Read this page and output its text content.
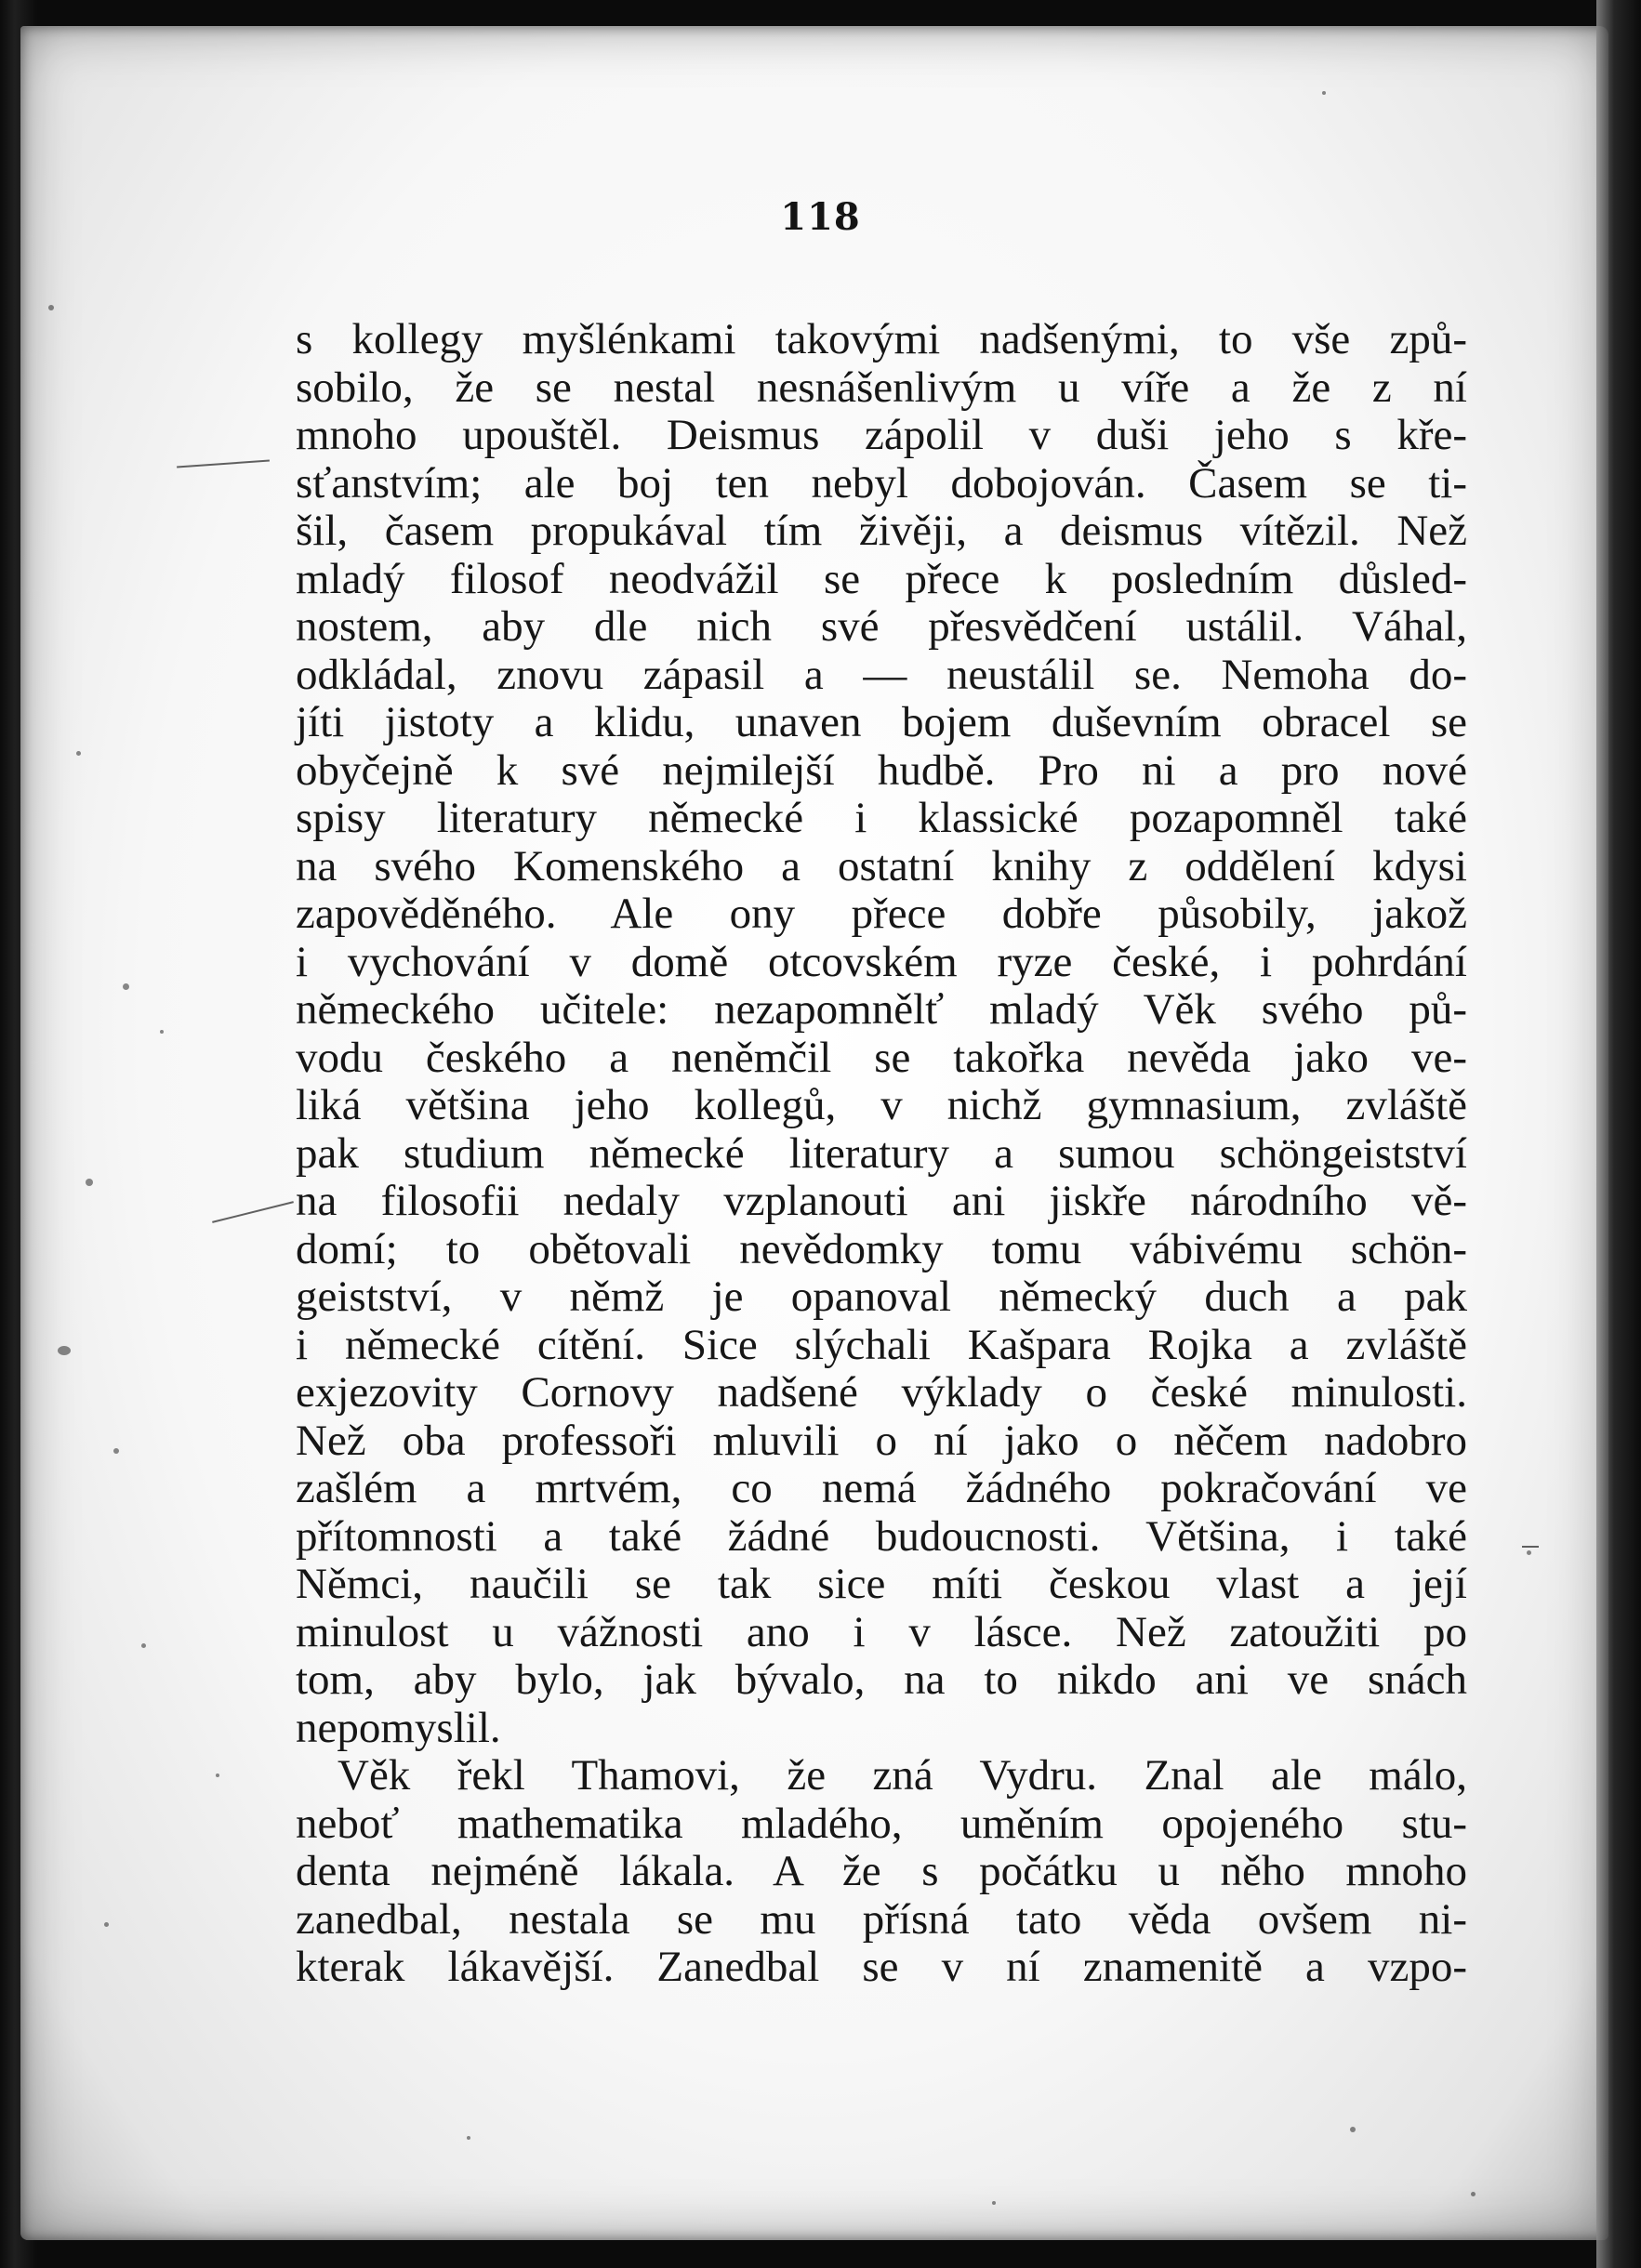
118
s kollegy myšlénkami takovými nadšenými, to vše způ-
sobilo, že se nestal nesnášenlivým u víře a že z ní
mnoho upouštěl. Deismus zápolil v duši jeho s kře-
sťanstvím; ale boj ten nebyl dobojován. Časem se ti-
šil, časem propukával tím živěji, a deismus vítězil. Než
mladý filosof neodvážil se přece k posledním důsled-
nostem, aby dle nich své přesvědčení ustálil. Váhal,
odkládal, znovu zápasil a — neustálil se. Nemoha do-
jíti jistoty a klidu, unaven bojem duševním obracel se
obyčejně k své nejmilejší hudbě. Pro ni a pro nové
spisy literatury německé i klassické pozapomněl také
na svého Komenského a ostatní knihy z oddělení kdysi
zapověděného. Ale ony přece dobře působily, jakož
i vychování v domě otcovském ryze české, i pohrdání
německého učitele: nezapomnělť mladý Věk svého pů-
vodu českého a neněmčil se takořka nevěda jako ve-
liká většina jeho kollegů, v nichž gymnasium, zvláště
pak studium německé literatury a sumou schöngeistství
na filosofii nedaly vzplanouti ani jiskře národního vě-
domí; to obětovali nevědomky tomu vábivému schön-
geistství, v němž je opanoval německý duch a pak
i německé cítění. Sice slýchali Kašpara Rojka a zvláště
exjezovity Cornovy nadšené výklady o české minulosti.
Než oba professoři mluvili o ní jako o něčem nadobro
zašlém a mrtvém, co nemá žádného pokračování ve
přítomnosti a také žádné budoucnosti. Většina, i také
Němci, naučili se tak sice míti českou vlast a její
minulost u vážnosti ano i v lásce. Než zatoužiti po
tom, aby bylo, jak bývalo, na to nikdo ani ve snách
nepomyslil.
Věk řekl Thamovi, že zná Vydru. Znal ale málo,
neboť mathematika mladého, uměním opojeného stu-
denta nejméně lákala. A že s počátku u něho mnoho
zanedbal, nestala se mu přísná tato věda ovšem ni-
kterak lákavější. Zanedbal se v ní znamenitě a vzpo-
